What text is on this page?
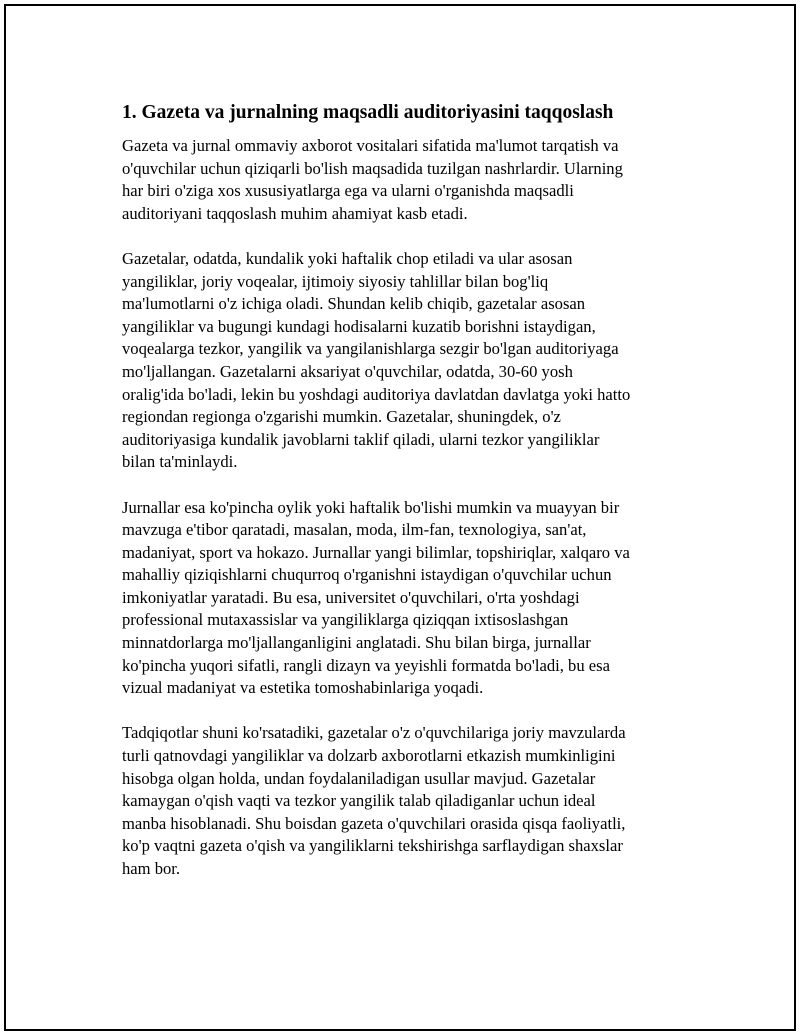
1. Gazeta va jurnalning maqsadli auditoriyasini taqqoslash

Gazeta va jurnal ommaviy axborot vositalari sifatida ma'lumot tarqatish va
o'quvchilar uchun qiziqarli bo'lish maqsadida tuzilgan nashrlardir. Ularning
har biri o'ziga xos xususiyatlarga ega va ularni o'rganishda maqsadli
auditoriyani taqqoslash muhim ahamiyat kasb etadi.

Gazetalar, odatda, kundalik yoki haftalik chop etiladi va ular asosan
yangiliklar, joriy voqealar, ijtimoiy siyosiy tahlillar bilan bog'liq
ma'lumotlarni o'z ichiga oladi. Shundan kelib chiqib, gazetalar asosan
yangiliklar va bugungi kundagi hodisalarni kuzatib borishni istaydigan,
voqealarga tezkor, yangilik va yangilanishlarga sezgir bo'lgan auditoriyaga
mo'ljallangan. Gazetalarni aksariyat o'quvchilar, odatda, 30-60 yosh
oralig'ida bo'ladi, lekin bu yoshdagi auditoriya davlatdan davlatga yoki hatto
regiondan regionga o'zgarishi mumkin. Gazetalar, shuningdek, o'z
auditoriyasiga kundalik javoblarni taklif qiladi, ularni tezkor yangiliklar
bilan ta'minlaydi.

Jurnallar esa ko'pincha oylik yoki haftalik bo'lishi mumkin va muayyan bir
mavzuga e'tibor qaratadi, masalan, moda, ilm-fan, texnologiya, san'at,
madaniyat, sport va hokazo. Jurnallar yangi bilimlar, topshiriqlar, xalqaro va
mahalliy qiziqishlarni chuqurroq o'rganishni istaydigan o'quvchilar uchun
imkoniyatlar yaratadi. Bu esa, universitet o'quvchilari, o'rta yoshdagi
professional mutaxassislar va yangiliklarga qiziqqan ixtisoslashgan
minnatdorlarga mo'ljallanganligini anglatadi. Shu bilan birga, jurnallar
ko'pincha yuqori sifatli, rangli dizayn va yeyishli formatda bo'ladi, bu esa
vizual madaniyat va estetika tomoshabinlariga yoqadi.

Tadqiqotlar shuni ko'rsatadiki, gazetalar o'z o'quvchilariga joriy mavzularda
turli qatnovdagi yangiliklar va dolzarb axborotlarni etkazish mumkinligini
hisobga olgan holda, undan foydalaniladigan usullar mavjud. Gazetalar
kamaygan o'qish vaqti va tezkor yangilik talab qiladiganlar uchun ideal
manba hisoblanadi. Shu boisdan gazeta o'quvchilari orasida qisqa faoliyatli,
ko'p vaqtni gazeta o'qish va yangiliklarni tekshirishga sarflaydigan shaxslar
ham bor.
